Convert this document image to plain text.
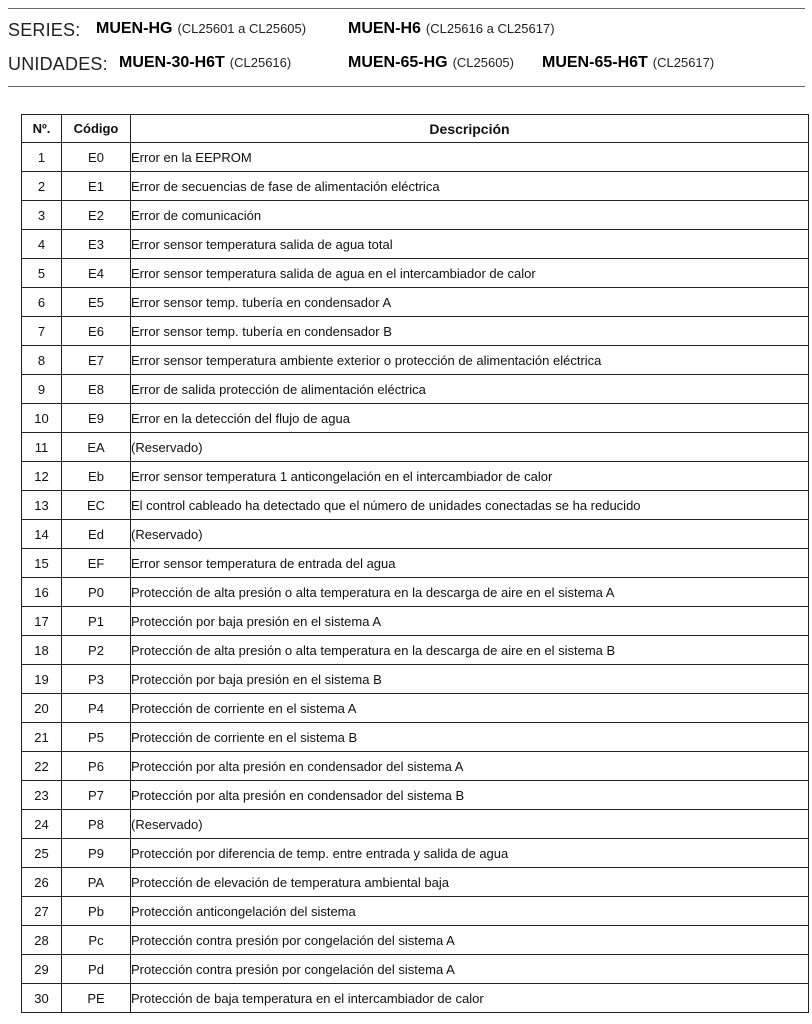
SERIES: MUEN-HG (CL25601 a CL25605)	MUEN-H6 (CL25616 a CL25617)
UNIDADES: MUEN-30-H6T (CL25616)	MUEN-65-HG (CL25605) MUEN-65-H6T (CL25617)
Nº.	Código	Descripción
1	E0	Error en la EEPROM
2	E1	Error de secuencias de fase de alimentación eléctrica
3	E2	Error de comunicación
4	E3	Error sensor temperatura salida de agua total
5	E4	Error sensor temperatura salida de agua en el intercambiador de calor
6	E5	Error sensor temp. tubería en condensador A
7	E6	Error sensor temp. tubería en condensador B
8	E7	Error sensor temperatura ambiente exterior o protección de alimentación eléctrica
9	E8	Error de salida protección de alimentación eléctrica
10	E9	Error en la detección del flujo de agua
11	EA	(Reservado)
12	Eb	Error sensor temperatura 1 anticongelación en el intercambiador de calor
13	EC	El control cableado ha detectado que el número de unidades conectadas se ha reducido
14	Ed	(Reservado)
15	EF	Error sensor temperatura de entrada del agua
16	P0	Protección de alta presión o alta temperatura en la descarga de aire en el sistema A
17	P1	Protección por baja presión en el sistema A
18	P2	Protección de alta presión o alta temperatura en la descarga de aire en el sistema B
19	P3	Protección por baja presión en el sistema B
20	P4	Protección de corriente en el sistema A
21	P5	Protección de corriente en el sistema B
22	P6	Protección por alta presión en condensador del sistema A
23	P7	Protección por alta presión en condensador del sistema B
24	P8	(Reservado)
25	P9	Protección por diferencia de temp. entre entrada y salida de agua
26	PA	Protección de elevación de temperatura ambiental baja
27	Pb	Protección anticongelación del sistema
28	Pc	Protección contra presión por congelación del sistema A
29	Pd	Protección contra presión por congelación del sistema A
30	PE	Protección de baja temperatura en el intercambiador de calor
